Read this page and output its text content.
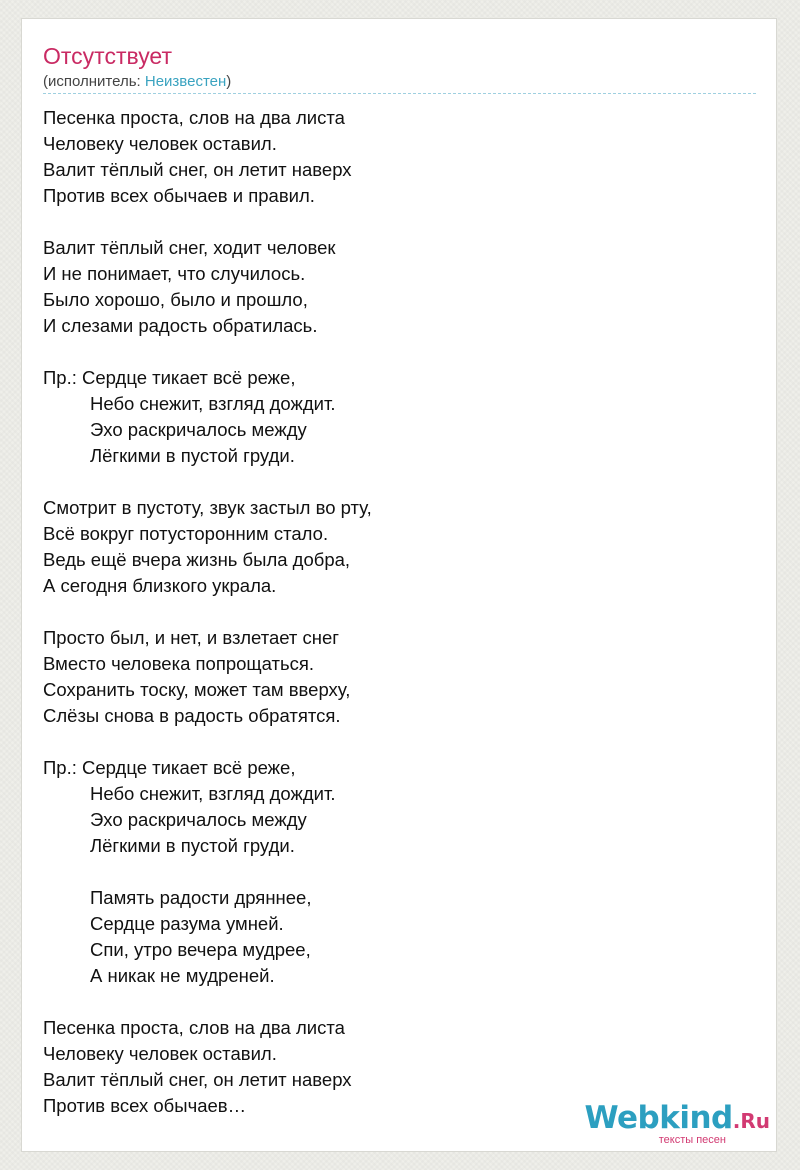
Отсутствует
(исполнитель: Неизвестен)
Песенка проста, слов на два листа
Человеку человек оставил.
Валит тёплый снег, он летит наверх
Против всех обычаев и правил.
Валит тёплый снег, ходит человек
И не понимает, что случилось.
Было хорошо, было и прошло,
И слезами радость обратилась.
Пр.: Сердце тикает всё реже,
Небо снежит, взгляд дождит.
Эхо раскричалось между
Лёгкими в пустой груди.
Смотрит в пустоту, звук застыл во рту,
Всё вокруг потусторонним стало.
Ведь ещё вчера жизнь была добра,
А сегодня близкого украла.
Просто был, и нет, и взлетает снег
Вместо человека попрощаться.
Сохранить тоску, может там вверху,
Слёзы снова в радость обратятся.
Пр.: Сердце тикает всё реже,
Небо снежит, взгляд дождит.
Эхо раскричалось между
Лёгкими в пустой груди.
Память радости дряннее,
Сердце разума умней.
Спи, утро вечера мудрее,
А никак не мудреней.
Песенка проста, слов на два листа
Человеку человек оставил.
Валит тёплый снег, он летит наверх
Против всех обычаев…	Webkind.Ru
тексты песен
